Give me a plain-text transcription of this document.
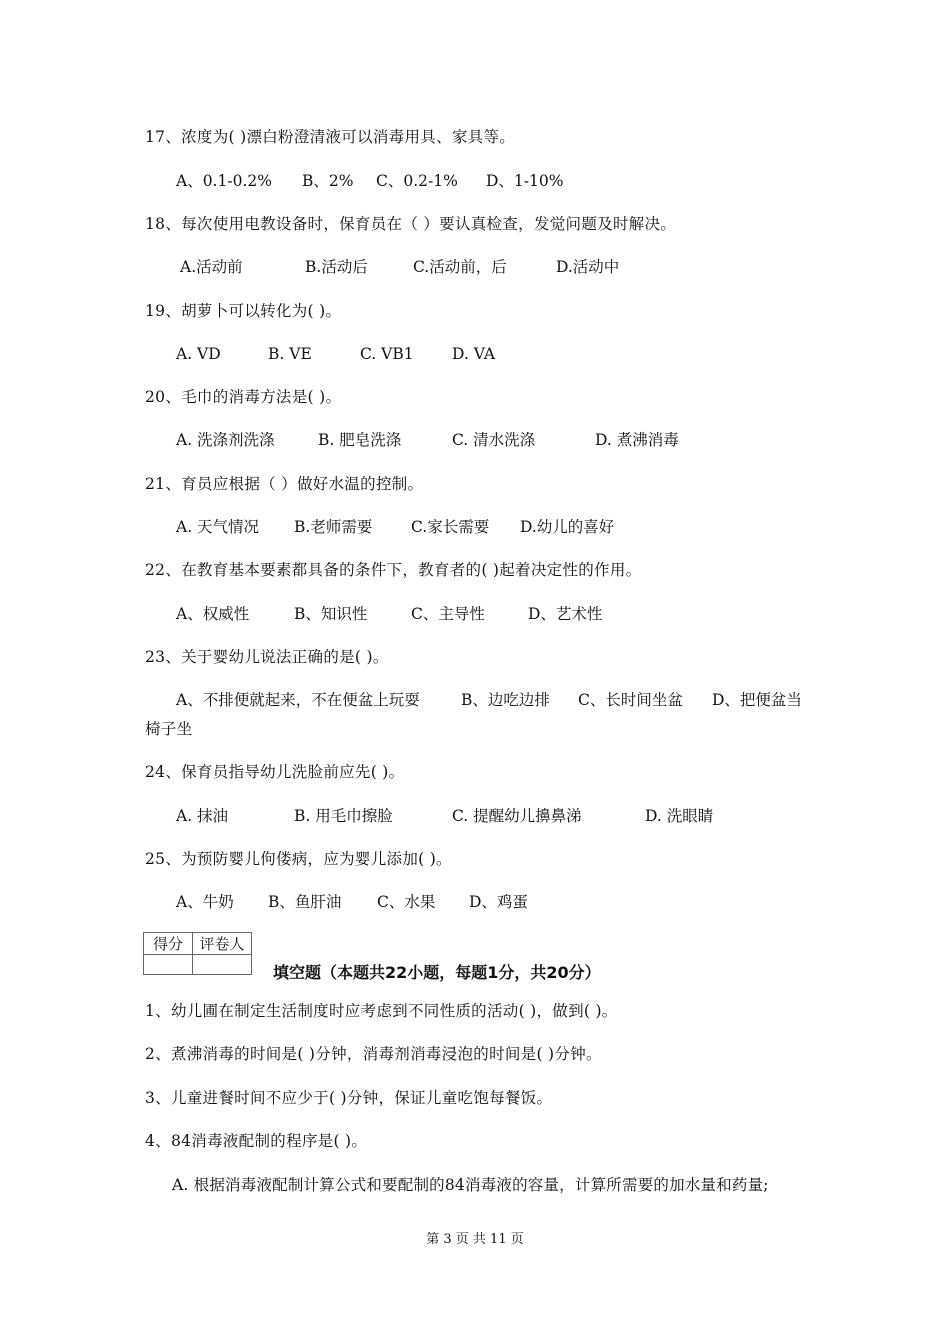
17、浓度为( )漂白粉澄清液可以消毒用具、家具等。
A、0.1-0.2% B、2% C、0.2-1% D、1-10%
18、每次使用电教设备时，保育员在（ ）要认真检查，发觉问题及时解决。
A.活动前	B.活动后	C.活动前，后	D.活动中
19、胡萝卜可以转化为( )。
A. VD	B. VE	C. VB1 D. VA
20、毛巾的消毒方法是( )。
A. 洗涤剂洗涤	B. 肥皂洗涤	C. 清水洗涤	D. 煮沸消毒
21、育员应根据（ ）做好水温的控制。
A. 天气情况 B.老师需要 C.家长需要 D.幼儿的喜好
22、在教育基本要素都具备的条件下，教育者的( )起着决定性的作用。
A、权威性	B、知识性	C、主导性	D、艺术性
23、关于婴幼儿说法正确的是( )。
A、不排便就起来，不在便盆上玩耍	B、边吃边排 C、长时间坐盆 D、把便盆当
椅子坐
24、保育员指导幼儿洗脸前应先( )。
A. 抹油	B. 用毛巾擦脸	C. 提醒幼儿擤鼻涕	D. 洗眼睛
25、为预防婴儿佝偻病，应为婴儿添加( )。
A、牛奶 B、鱼肝油 C、水果 D、鸡蛋
得分	评卷人

填空题（本题共22小题，每题1分，共20分）
1、幼儿圃在制定生活制度时应考虑到不同性质的活动( )，做到( )。
2、煮沸消毒的时间是( )分钟，消毒剂消毒浸泡的时间是( )分钟。
3、儿童进餐时间不应少于( )分钟，保证儿童吃饱每餐饭。
4、84消毒液配制的程序是( )。
A. 根据消毒液配制计算公式和要配制的84消毒液的容量，计算所需要的加水量和药量;
第 3 页 共 11 页
